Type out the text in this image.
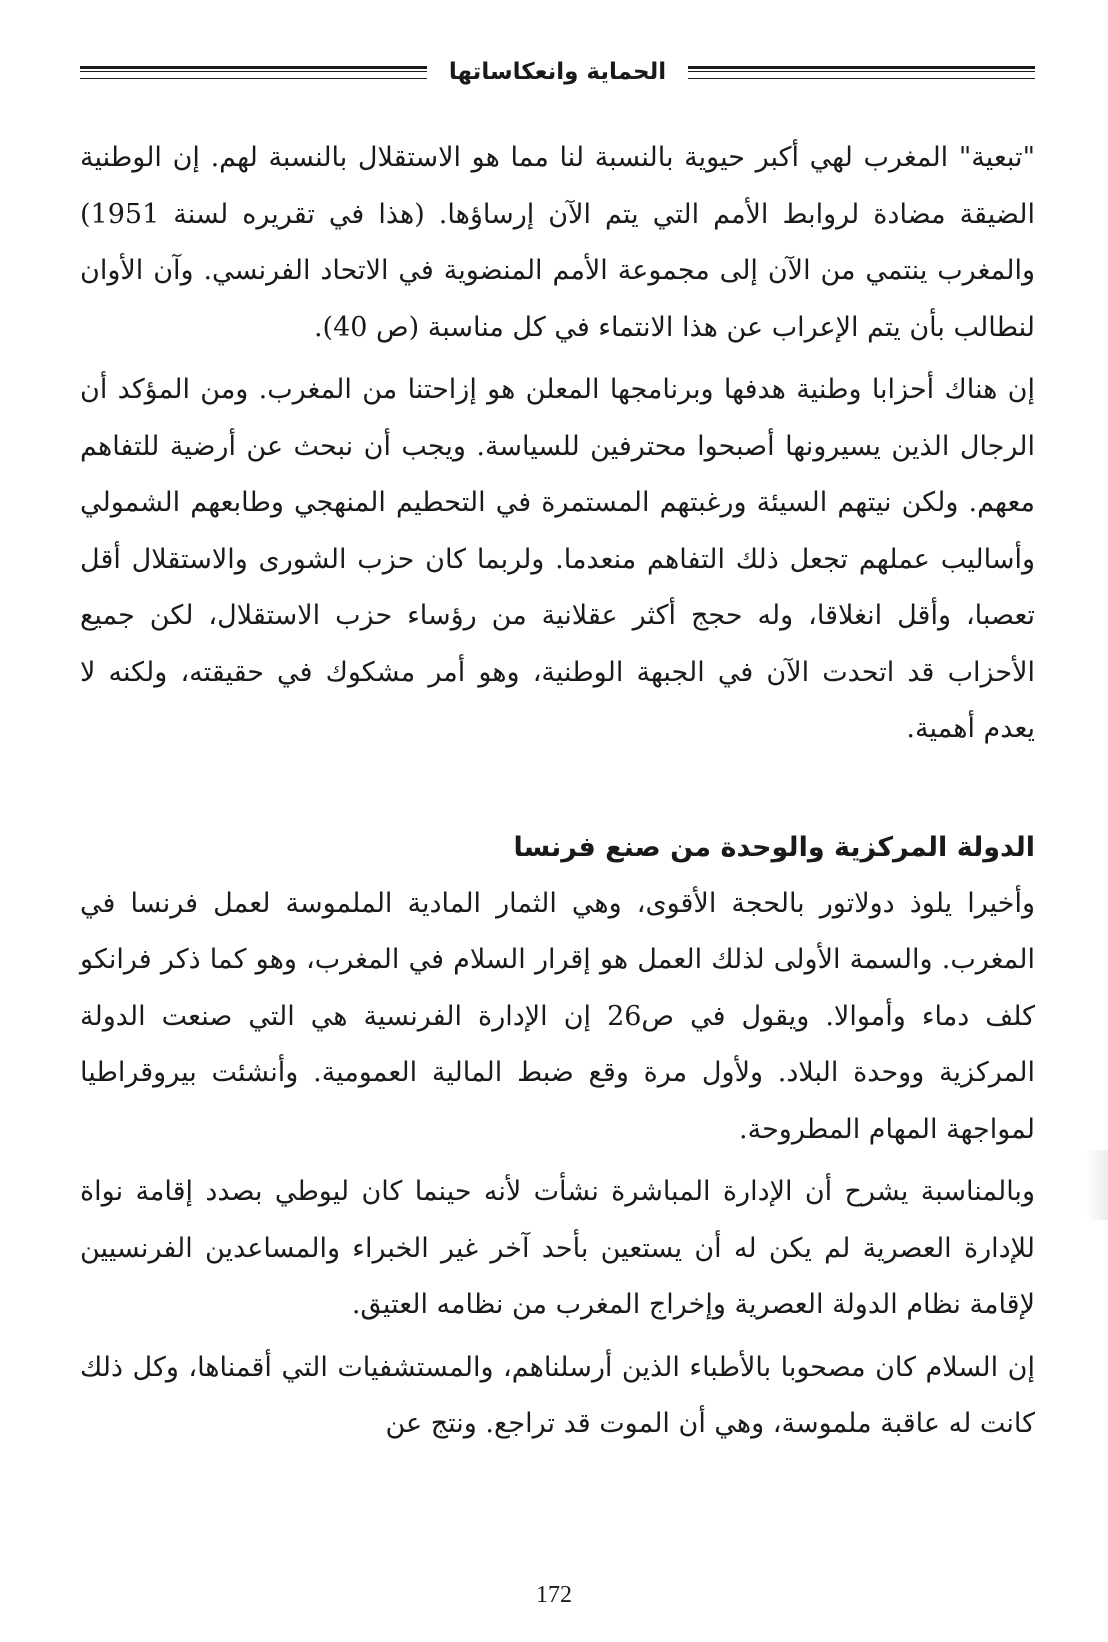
الحماية وانعكاساتها

"تبعية" المغرب لهي أكبر حيوية بالنسبة لنا مما هو الاستقلال بالنسبة لهم. إن الوطنية الضيقة مضادة لروابط الأمم التي يتم الآن إرساؤها. (هذا في تقريره لسنة 1951) والمغرب ينتمي من الآن إلى مجموعة الأمم المنضوية في الاتحاد الفرنسي. وآن الأوان لنطالب بأن يتم الإعراب عن هذا الانتماء في كل مناسبة (ص 40).

إن هناك أحزابا وطنية هدفها وبرنامجها المعلن هو إزاحتنا من المغرب. ومن المؤكد أن الرجال الذين يسيرونها أصبحوا محترفين للسياسة. ويجب أن نبحث عن أرضية للتفاهم معهم. ولكن نيتهم السيئة ورغبتهم المستمرة في التحطيم المنهجي وطابعهم الشمولي وأساليب عملهم تجعل ذلك التفاهم منعدما. ولربما كان حزب الشورى والاستقلال أقل تعصبا، وأقل انغلاقا، وله حجج أكثر عقلانية من رؤساء حزب الاستقلال، لكن جميع الأحزاب قد اتحدت الآن في الجبهة الوطنية، وهو أمر مشكوك في حقيقته، ولكنه لا يعدم أهمية.

الدولة المركزية والوحدة من صنع فرنسا

وأخيرا يلوذ دولاتور بالحجة الأقوى، وهي الثمار المادية الملموسة لعمل فرنسا في المغرب. والسمة الأولى لذلك العمل هو إقرار السلام في المغرب، وهو كما ذكر فرانكو كلف دماء وأموالا. ويقول في ص26 إن الإدارة الفرنسية هي التي صنعت الدولة المركزية ووحدة البلاد. ولأول مرة وقع ضبط المالية العمومية. وأنشئت بيروقراطيا لمواجهة المهام المطروحة.

وبالمناسبة يشرح أن الإدارة المباشرة نشأت لأنه حينما كان ليوطي بصدد إقامة نواة للإدارة العصرية لم يكن له أن يستعين بأحد آخر غير الخبراء والمساعدين الفرنسيين لإقامة نظام الدولة العصرية وإخراج المغرب من نظامه العتيق.

إن السلام كان مصحوبا بالأطباء الذين أرسلناهم، والمستشفيات التي أقمناها، وكل ذلك كانت له عاقبة ملموسة، وهي أن الموت قد تراجع. ونتج عن

172
